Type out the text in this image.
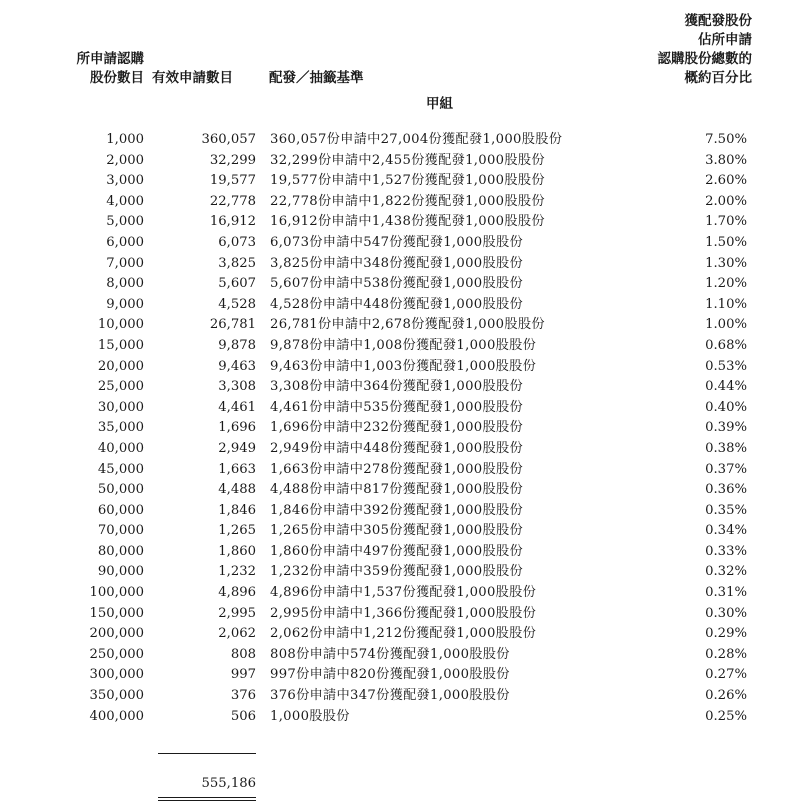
所申請認購
股份數目 有效申請數目	配發／抽籤基準
獲配發股份
佔所申請
認購股份總數的
概約百分比
甲組
1,000	360,057 360,057份申請中27,004份獲配發1,000股股份	7.50%
2,000	32,299 32,299份申請中2,455份獲配發1,000股股份	3.80%
3,000	19,577 19,577份申請中1,527份獲配發1,000股股份	2.60%
4,000	22,778 22,778份申請中1,822份獲配發1,000股股份	2.00%
5,000	16,912 16,912份申請中1,438份獲配發1,000股股份	1.70%
6,000	6,073 6,073份申請中547份獲配發1,000股股份	1.50%
7,000	3,825 3,825份申請中348份獲配發1,000股股份	1.30%
8,000	5,607 5,607份申請中538份獲配發1,000股股份	1.20%
9,000	4,528 4,528份申請中448份獲配發1,000股股份	1.10%
10,000	26,781 26,781份申請中2,678份獲配發1,000股股份	1.00%
15,000	9,878 9,878份申請中1,008份獲配發1,000股股份	0.68%
20,000	9,463 9,463份申請中1,003份獲配發1,000股股份	0.53%
25,000	3,308 3,308份申請中364份獲配發1,000股股份	0.44%
30,000	4,461 4,461份申請中535份獲配發1,000股股份	0.40%
35,000	1,696 1,696份申請中232份獲配發1,000股股份	0.39%
40,000	2,949 2,949份申請中448份獲配發1,000股股份	0.38%
45,000	1,663 1,663份申請中278份獲配發1,000股股份	0.37%
50,000	4,488 4,488份申請中817份獲配發1,000股股份	0.36%
60,000	1,846 1,846份申請中392份獲配發1,000股股份	0.35%
70,000	1,265 1,265份申請中305份獲配發1,000股股份	0.34%
80,000	1,860 1,860份申請中497份獲配發1,000股股份	0.33%
90,000	1,232 1,232份申請中359份獲配發1,000股股份	0.32%
100,000	4,896 4,896份申請中1,537份獲配發1,000股股份	0.31%
150,000	2,995 2,995份申請中1,366份獲配發1,000股股份	0.30%
200,000	2,062 2,062份申請中1,212份獲配發1,000股股份	0.29%
250,000	808 808份申請中574份獲配發1,000股股份	0.28%
300,000	997 997份申請中820份獲配發1,000股股份	0.27%
350,000	376 376份申請中347份獲配發1,000股股份	0.26%
400,000	506 1,000股股份	0.25%
555,186
